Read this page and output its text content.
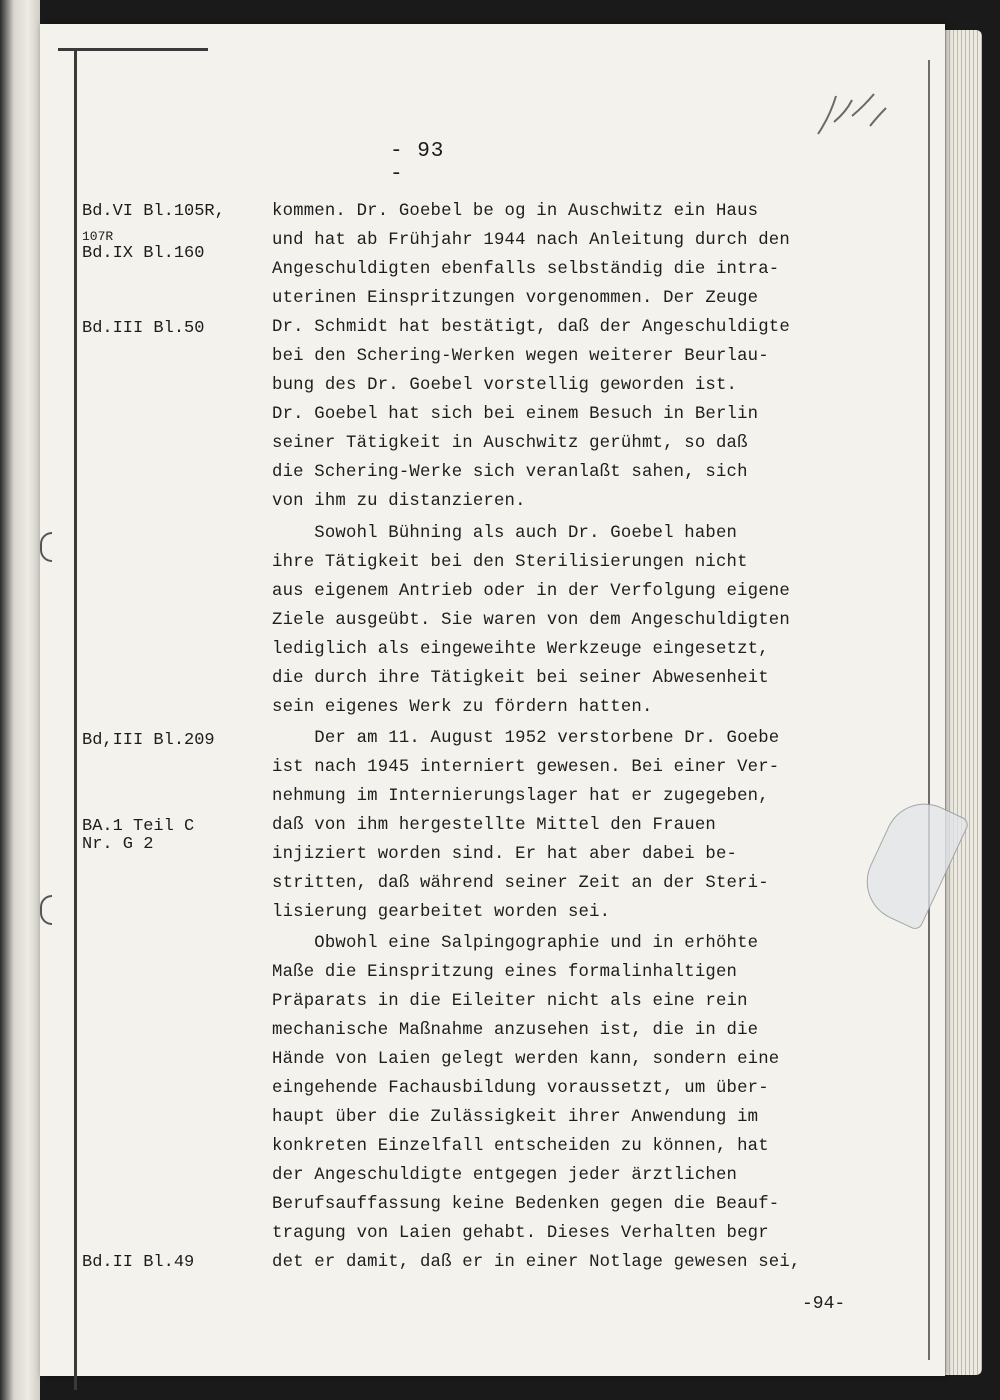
- 93 -
Bd.VI Bl.105R,
107R
Bd.IX Bl.160
Bd.III Bl.50
Bd,III Bl.209
BA.1 Teil C
Nr. G 2
Bd.II Bl.49
kommen. Dr. Goebel be og in Auschwitz ein Haus
und hat ab Frühjahr 1944 nach Anleitung durch den
Angeschuldigten ebenfalls selbständig die intra-
uterinen Einspritzungen vorgenommen. Der Zeuge
Dr. Schmidt hat bestätigt, daß der Angeschuldigte
bei den Schering-Werken wegen weiterer Beurlau-
bung des Dr. Goebel vorstellig geworden ist.
Dr. Goebel hat sich bei einem Besuch in Berlin
seiner Tätigkeit in Auschwitz gerühmt, so daß
die Schering-Werke sich veranlaßt sahen, sich
von ihm zu distanzieren.
Sowohl Bühning als auch Dr. Goebel haben
ihre Tätigkeit bei den Sterilisierungen nicht
aus eigenem Antrieb oder in der Verfolgung eigene
Ziele ausgeübt. Sie waren von dem Angeschuldigten
lediglich als eingeweihte Werkzeuge eingesetzt,
die durch ihre Tätigkeit bei seiner Abwesenheit
sein eigenes Werk zu fördern hatten.
Der am 11. August 1952 verstorbene Dr. Goebe
ist nach 1945 interniert gewesen. Bei einer Ver-
nehmung im Internierungslager hat er zugegeben,
daß von ihm hergestellte Mittel den Frauen
injiziert worden sind. Er hat aber dabei be-
stritten, daß während seiner Zeit an der Steri-
lisierung gearbeitet worden sei.
Obwohl eine Salpingographie und in erhöhte
Maße die Einspritzung eines formalinhaltigen
Präparats in die Eileiter nicht als eine rein
mechanische Maßnahme anzusehen ist, die in die
Hände von Laien gelegt werden kann, sondern eine
eingehende Fachausbildung voraussetzt, um über-
haupt über die Zulässigkeit ihrer Anwendung im
konkreten Einzelfall entscheiden zu können, hat
der Angeschuldigte entgegen jeder ärztlichen
Berufsauffassung keine Bedenken gegen die Beauf-
tragung von Laien gehabt. Dieses Verhalten begr
det er damit, daß er in einer Notlage gewesen sei,
-94-
